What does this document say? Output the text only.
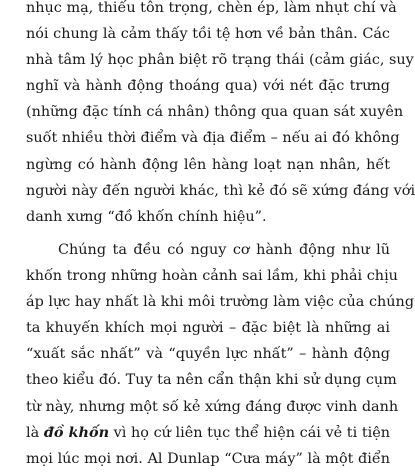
nhục mạ, thiếu tôn trọng, chèn ép, làm nhụt chí và
nói chung là cảm thấy tồi tệ hơn về bản thân. Các
nhà tâm lý học phân biệt rõ trạng thái (cảm giác, suy
nghĩ và hành động thoáng qua) với nét đặc trưng
(những đặc tính cá nhân) thông qua quan sát xuyên
suốt nhiều thời điểm và địa điểm – nếu ai đó không
ngừng có hành động lên hàng loạt nạn nhân, hết
người này đến người khác, thì kẻ đó sẽ xứng đáng với
danh xưng “đồ khốn chính hiệu”.
Chúng ta đều có nguy cơ hành động như lũ
khốn trong những hoàn cảnh sai lầm, khi phải chịu
áp lực hay nhất là khi môi trường làm việc của chúng
ta khuyến khích mọi người – đặc biệt là những ai
“xuất sắc nhất” và “quyền lực nhất” – hành động
theo kiểu đó. Tuy ta nên cẩn thận khi sử dụng cụm
từ này, nhưng một số kẻ xứng đáng được vinh danh
là đồ khốn vì họ cứ liên tục thể hiện cái vẻ ti tiện
mọi lúc mọi nơi. Al Dunlap “Cưa máy” là một điển
